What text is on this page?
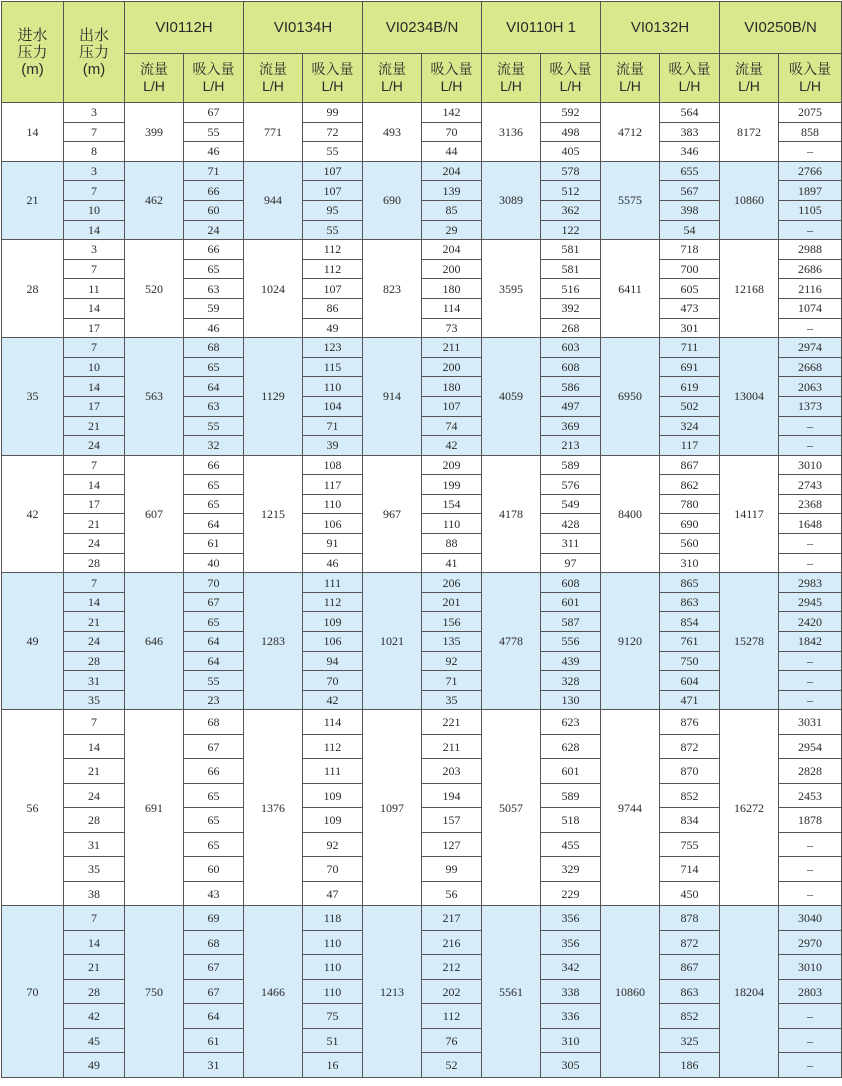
进水
压力
(m)	出水
压力
(m)	VI0112H		VI0134H		VI0234B/N		VI0110H 1		VI0132H		VI0250B/N	

		流量
L/H	吸入量
L/H	流量
L/H	吸入量
L/H	流量
L/H	吸入量
L/H	流量
L/H	吸入量
L/H	流量
L/H	吸入量
L/H	流量
L/H	吸入量
L/H

14	3	399	67	771	99	493	142	3136	592	4712	564	8172	2075
	7		55		72		70		498		383		858
	8		46		55		44		405		346		–
21	3	462	71	944	107	690	204	3089	578	5575	655	10860	2766
	7		66		107		139		512		567		1897
	10		60		95		85		362		398		1105
	14		24		55		29		122		54		–
28	3	520	66	1024	112	823	204	3595	581	6411	718	12168	2988
	7		65		112		200		581		700		2686
	11		63		107		180		516		605		2116
	14		59		86		114		392		473		1074
	17		46		49		73		268		301		–
35	7	563	68	1129	123	914	211	4059	603	6950	711	13004	2974
	10		65		115		200		608		691		2668
	14		64		110		180		586		619		2063
	17		63		104		107		497		502		1373
	21		55		71		74		369		324		–
	24		32		39		42		213		117		–
42	7	607	66	1215	108	967	209	4178	589	8400	867	14117	3010
	14		65		117		199		576		862		2743
	17		65		110		154		549		780		2368
	21		64		106		110		428		690		1648
	24		61		91		88		311		560		–
	28		40		46		41		97		310		–
49	7	646	70	1283	111	1021	206	4778	608	9120	865	15278	2983
	14		67		112		201		601		863		2945
	21		65		109		156		587		854		2420
	24		64		106		135		556		761		1842
	28		64		94		92		439		750		–
	31		55		70		71		328		604		–
	35		23		42		35		130		471		–
56	7	691	68	1376	114	1097	221	5057	623	9744	876	16272	3031
	14		67		112		211		628		872		2954
	21		66		111		203		601		870		2828
	24		65		109		194		589		852		2453
	28		65		109		157		518		834		1878
	31		65		92		127		455		755		–
	35		60		70		99		329		714		–
	38		43		47		56		229		450		–
70	7	750	69	1466	118	1213	217	5561	356	10860	878	18204	3040
	14		68		110		216		356		872		2970
	21		67		110		212		342		867		3010
	28		67		110		202		338		863		2803
	42		64		75		112		336		852		–
	45		61		51		76		310		325		–
	49		31		16		52		305		186		–
